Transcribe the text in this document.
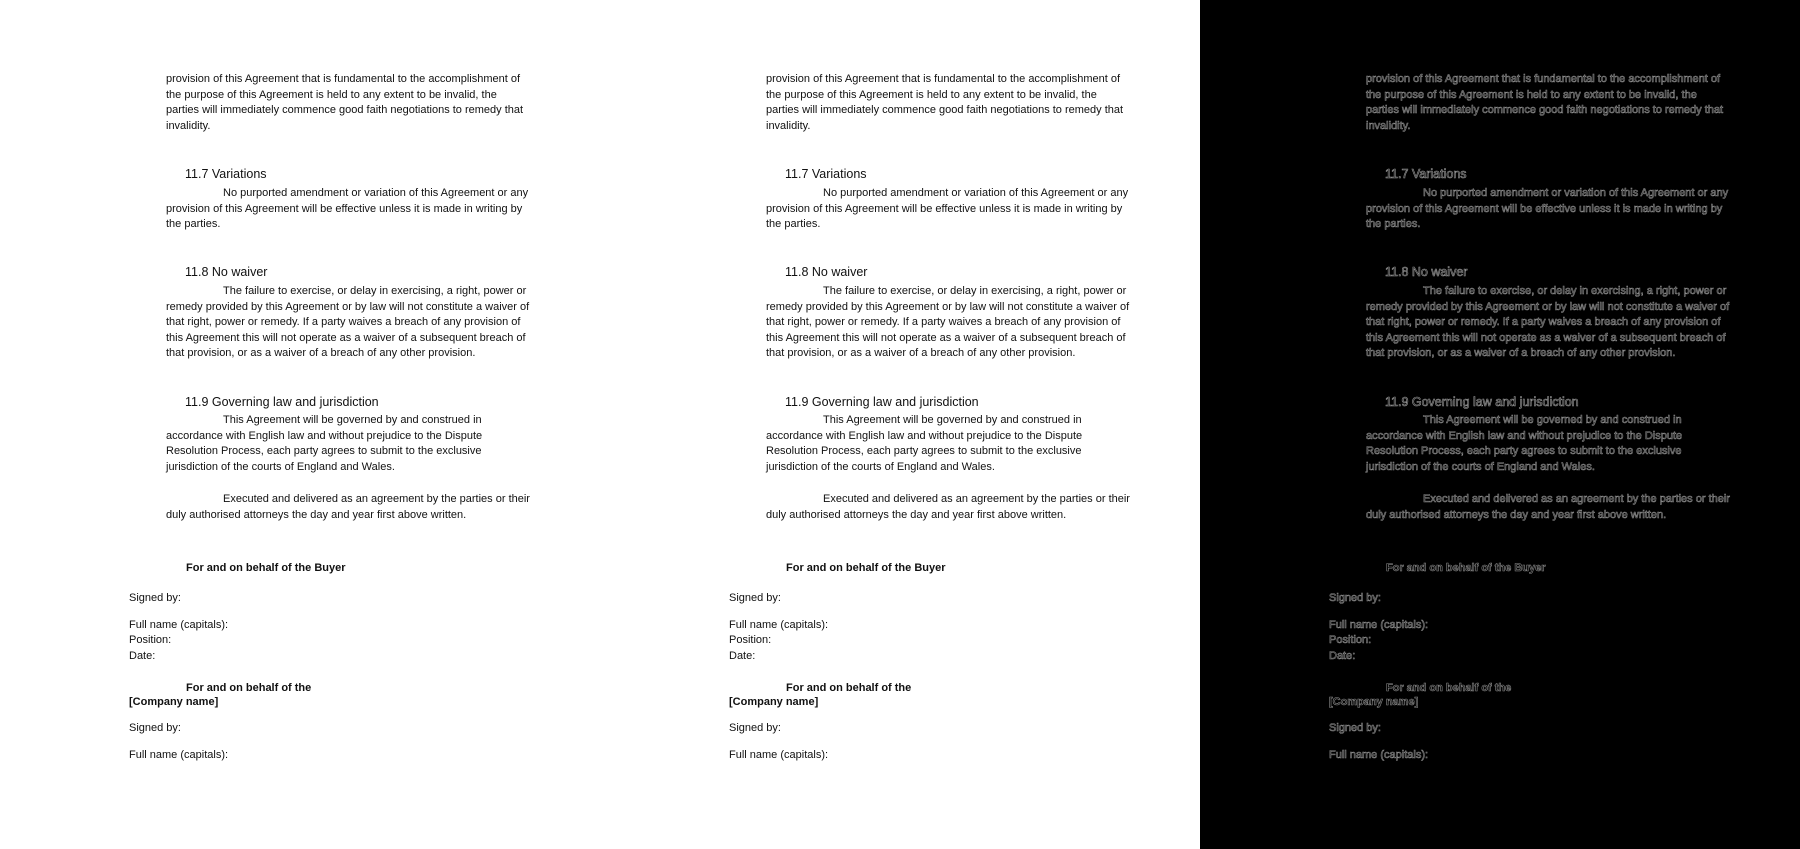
provision of this Agreement that is fundamental to the accomplishment of the purpose of this Agreement is held to any extent to be invalid, the parties will immediately commence good faith negotiations to remedy that invalidity.

11.7 Variations

No purported amendment or variation of this Agreement or any provision of this Agreement will be effective unless it is made in writing by the parties.

11.8 No waiver

The failure to exercise, or delay in exercising, a right, power or remedy provided by this Agreement or by law will not constitute a waiver of that right, power or remedy. If a party waives a breach of any provision of this Agreement this will not operate as a waiver of a subsequent breach of that provision, or as a waiver of a breach of any other provision.

11.9 Governing law and jurisdiction

This Agreement will be governed by and construed in accordance with English law and without prejudice to the Dispute Resolution Process, each party agrees to submit to the exclusive jurisdiction of the courts of England and Wales.

Executed and delivered as an agreement by the parties or their duly authorised attorneys the day and year first above written.

For and on behalf of the Buyer

Signed by:

Full name (capitals):

Position:

Date:

For and on behalf of the

[Company name]

Signed by:

Full name (capitals):

provision of this Agreement that is fundamental to the accomplishment of the purpose of this Agreement is held to any extent to be invalid, the parties will immediately commence good faith negotiations to remedy that invalidity.

11.7 Variations

No purported amendment or variation of this Agreement or any provision of this Agreement will be effective unless it is made in writing by the parties.

11.8 No waiver

The failure to exercise, or delay in exercising, a right, power or remedy provided by this Agreement or by law will not constitute a waiver of that right, power or remedy. If a party waives a breach of any provision of this Agreement this will not operate as a waiver of a subsequent breach of that provision, or as a waiver of a breach of any other provision.

11.9 Governing law and jurisdiction

This Agreement will be governed by and construed in accordance with English law and without prejudice to the Dispute Resolution Process, each party agrees to submit to the exclusive jurisdiction of the courts of England and Wales.

Executed and delivered as an agreement by the parties or their duly authorised attorneys the day and year first above written.

For and on behalf of the Buyer

Signed by:

Full name (capitals):

Position:

Date:

For and on behalf of the

[Company name]

Signed by:

Full name (capitals):

provision of this Agreement that is fundamental to the accomplishment of the purpose of this Agreement is held to any extent to be invalid, the parties will immediately commence good faith negotiations to remedy that invalidity.

11.7 Variations

No purported amendment or variation of this Agreement or any provision of this Agreement will be effective unless it is made in writing by the parties.

11.8 No waiver

The failure to exercise, or delay in exercising, a right, power or remedy provided by this Agreement or by law will not constitute a waiver of that right, power or remedy. If a party waives a breach of any provision of this Agreement this will not operate as a waiver of a subsequent breach of that provision, or as a waiver of a breach of any other provision.

11.9 Governing law and jurisdiction

This Agreement will be governed by and construed in accordance with English law and without prejudice to the Dispute Resolution Process, each party agrees to submit to the exclusive jurisdiction of the courts of England and Wales.

Executed and delivered as an agreement by the parties or their duly authorised attorneys the day and year first above written.

For and on behalf of the Buyer

Signed by:

Full name (capitals):

Position:

Date:

For and on behalf of the

[Company name]

Signed by:

Full name (capitals):
